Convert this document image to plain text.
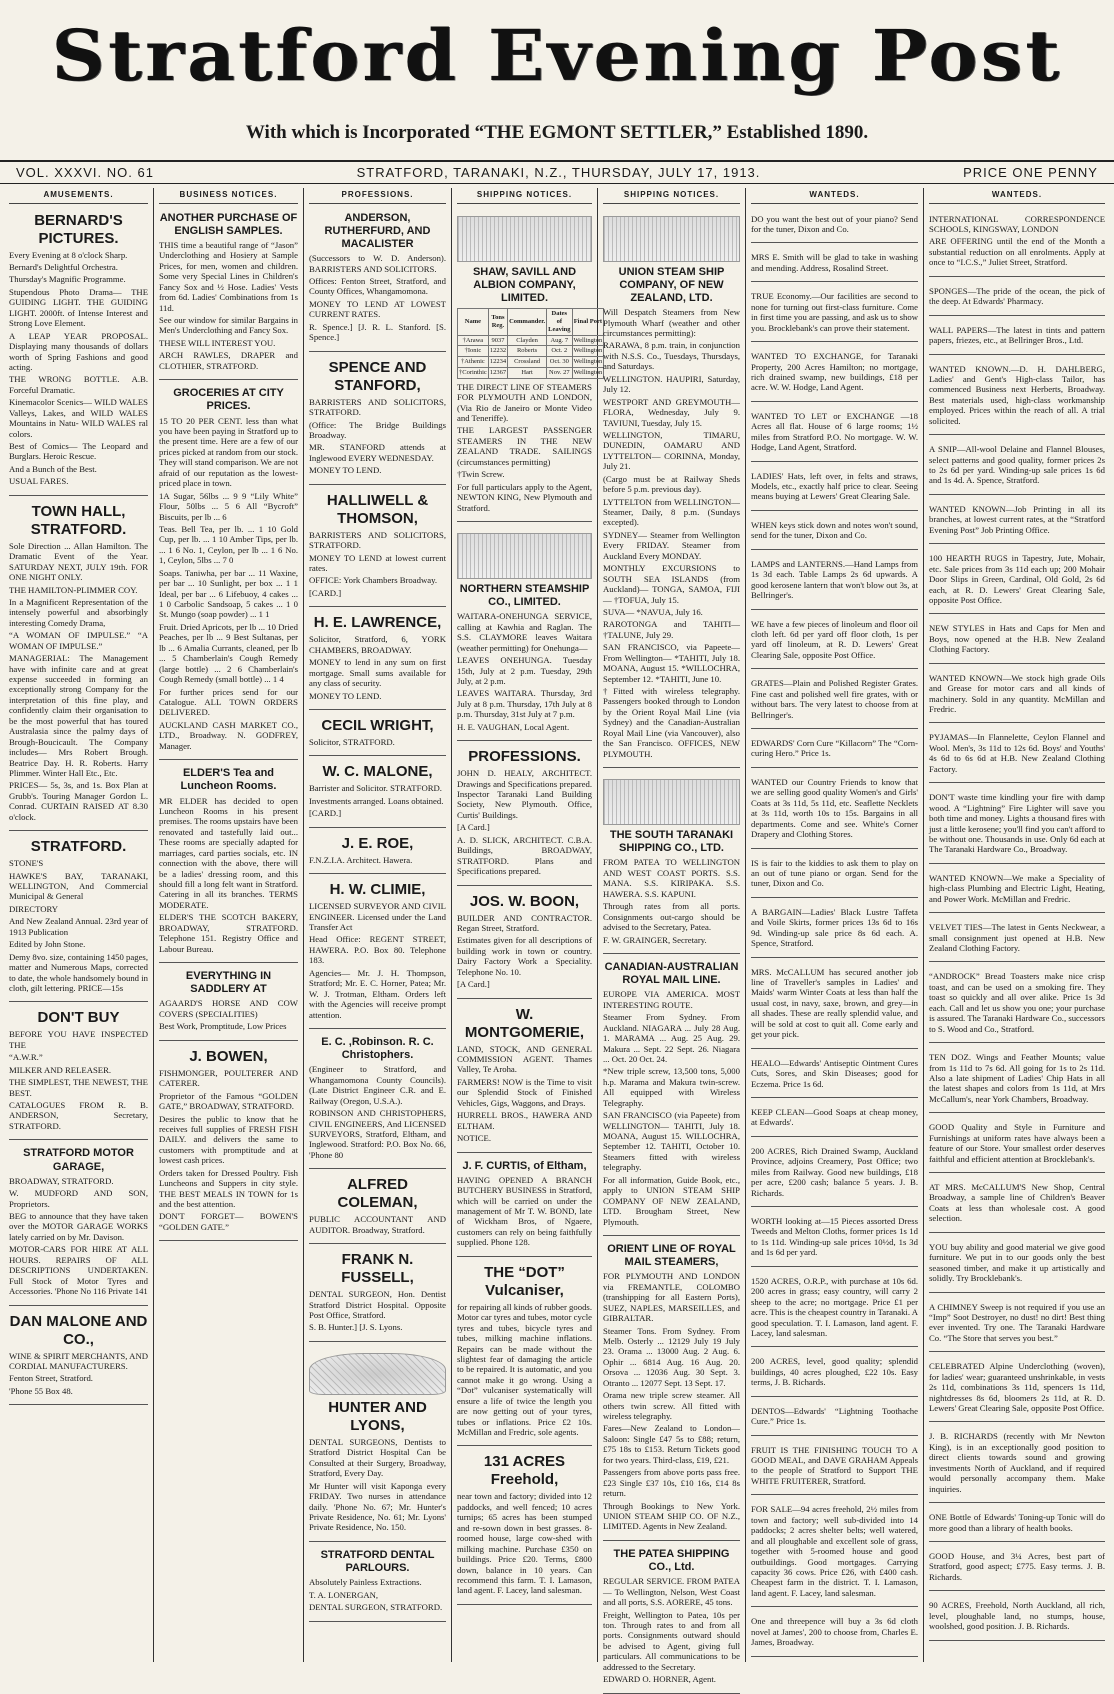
Stratford Evening Post
With which is Incorporated “THE EGMONT SETTLER,” Established 1890.
VOL. XXXVI. NO. 61	STRATFORD, TARANAKI, N.Z., THURSDAY, JULY 17, 1913.	PRICE ONE PENNY
AMUSEMENTS.
BERNARD'S PICTURES.

Every Evening at 8 o'clock Sharp.

Bernard's Delightful Orchestra.

Thursday's Magnific Programme.

Stupendous Photo Drama— THE GUIDING LIGHT. THE GUIDING LIGHT. 2000ft. of Intense Interest and Strong Love Element.

A LEAP YEAR PROPOSAL. Displaying many thousands of dollars worth of Spring Fashions and good acting.

THE WRONG BOTTLE. A.B. Forceful Dramatic.

Kinemacolor Scenics— WILD WALES Valleys, Lakes, and WILD WALES Mountains in Natu- WILD WALES ral colors.

Best of Comics— The Leopard and Burglars. Heroic Rescue.

And a Bunch of the Best.

USUAL FARES.

TOWN HALL, STRATFORD.

Sole Direction ... Allan Hamilton. The Dramatic Event of the Year. SATURDAY NEXT, JULY 19th. FOR ONE NIGHT ONLY.

THE HAMILTON-PLIMMER COY.

In a Magnificent Representation of the intensely powerful and absorbingly interesting Comedy Drama,

“A WOMAN OF IMPULSE.” “A WOMAN OF IMPULSE.”

MANAGERIAL: The Management have with infinite care and at great expense succeeded in forming an exceptionally strong Company for the interpretation of this fine play, and confidently claim their organisation to be the most powerful that has toured Australasia since the palmy days of Brough-Boucicault. The Company includes— Mrs Robert Brough. Beatrice Day. H. R. Roberts. Harry Plimmer. Winter Hall Etc., Etc.

PRICES— 5s, 3s, and 1s. Box Plan at Grubb's. Touring Manager Gordon L. Conrad. CURTAIN RAISED AT 8.30 o'clock.

STRATFORD.

STONE'S

HAWKE'S BAY, TARANAKI, WELLINGTON, And Commercial Municipal & General

DIRECTORY

And New Zealand Annual. 23rd year of 1913 Publication

Edited by John Stone.

Demy 8vo. size, containing 1450 pages, matter and Numerous Maps, corrected to date, the whole handsomely bound in cloth, gilt lettering. PRICE—15s

DON'T BUY

BEFORE YOU HAVE INSPECTED THE

“A.W.R.”

MILKER AND RELEASER.

THE SIMPLEST, THE NEWEST, THE BEST.

CATALOGUES FROM R. B. ANDERSON, Secretary, STRATFORD.

STRATFORD MOTOR GARAGE,

BROADWAY, STRATFORD.

W. MUDFORD AND SON, Proprietors.

BEG to announce that they have taken over the MOTOR GARAGE WORKS lately carried on by Mr. Davison.

MOTOR-CARS FOR HIRE AT ALL HOURS. REPAIRS OF ALL DESCRIPTIONS UNDERTAKEN. Full Stock of Motor Tyres and Accessories. 'Phone No 116 Private 141

DAN MALONE AND CO.,

WINE & SPIRIT MERCHANTS, AND CORDIAL MANUFACTURERS.

Fenton Street, Stratford.

'Phone 55 Box 48.

BUSINESS NOTICES.
ANOTHER PURCHASE OF ENGLISH SAMPLES.

THIS time a beautiful range of “Jason” Underclothing and Hosiery at Sample Prices, for men, women and children. Some very Special Lines in Children's Fancy Sox and ½ Hose. Ladies' Vests from 6d. Ladies' Combinations from 1s 11d.

See our window for similar Bargains in Men's Underclothing and Fancy Sox.

THESE WILL INTEREST YOU.

ARCH RAWLES, DRAPER and CLOTHIER, STRATFORD.

GROCERIES AT CITY PRICES.

15 TO 20 PER CENT. less than what you have been paying in Stratford up to the present time. Here are a few of our prices picked at random from our stock. They will stand comparison. We are not afraid of our reputation as the lowest-priced place in town.

1A Sugar, 56lbs ... 9 9 “Lily White” Flour, 50lbs ... 5 6 All “Bycroft” Biscuits, per lb ... 6

Teas. Bell Tea, per lb. ... 1 10 Gold Cup, per lb. ... 1 10 Amber Tips, per lb. ... 1 6 No. 1, Ceylon, per lb ... 1 6 No. 1, Ceylon, 5lbs ... 7 0

Soaps. Taniwha, per bar ... 11 Waxine, per bar ... 10 Sunlight, per box ... 1 1 Ideal, per bar ... 6 Lifebuoy, 4 cakes ... 1 0 Carbolic Sandsoap, 5 cakes ... 1 0 St. Mungo (soap powder) ... 1 1

Fruit. Dried Apricots, per lb ... 10 Dried Peaches, per lb ... 9 Best Sultanas, per lb ... 6 Amalia Currants, cleaned, per lb ... 5 Chamberlain's Cough Remedy (large bottle) ... 2 6 Chamberlain's Cough Remedy (small bottle) ... 1 4

For further prices send for our Catalogue. ALL TOWN ORDERS DELIVERED.

AUCKLAND CASH MARKET CO., LTD., Broadway. N. GODFREY, Manager.

ELDER'S Tea and Luncheon Rooms.

MR ELDER has decided to open Luncheon Rooms in his present premises. The rooms upstairs have been renovated and tastefully laid out... These rooms are specially adapted for marriages, card parties socials, etc. IN connection with the above, there will be a ladies' dressing room, and this should fill a long felt want in Stratford. Catering in all its branches. TERMS MODERATE.

ELDER'S THE SCOTCH BAKERY, BROADWAY, STRATFORD. Telephone 151. Registry Office and Labour Bureau.

EVERYTHING IN SADDLERY AT

AGAARD'S HORSE AND COW COVERS (SPECIALITIES)

Best Work, Promptitude, Low Prices

J. BOWEN,

FISHMONGER, POULTERER AND CATERER.

Proprietor of the Famous “GOLDEN GATE,” BROADWAY, STRATFORD.

Desires the public to know that he receives full supplies of FRESH FISH DAILY. and delivers the same to customers with promptitude and at lowest cash prices.

Orders taken for Dressed Poultry. Fish Luncheons and Suppers in city style. THE BEST MEALS IN TOWN for 1s and the best attention.

DON'T FORGET— BOWEN'S “GOLDEN GATE.”

PROFESSIONS.
ANDERSON, RUTHERFURD, AND MACALISTER

(Successors to W. D. Anderson). BARRISTERS AND SOLICITORS.

Offices: Fenton Street, Stratford, and County Offices, Whangamomona.

MONEY TO LEND AT LOWEST CURRENT RATES.

R. Spence.] [J. R. L. Stanford. [S. Spence.]

SPENCE AND STANFORD,

BARRISTERS AND SOLICITORS, STRATFORD.

(Office: The Bridge Buildings Broadway.

MR. STANFORD attends at Inglewood EVERY WEDNESDAY.

MONEY TO LEND.

HALLIWELL & THOMSON,

BARRISTERS AND SOLICITORS, STRATFORD.

MONEY TO LEND at lowest current rates.

OFFICE: York Chambers Broadway.

[CARD.]

H. E. LAWRENCE,

Solicitor, Stratford, 6, YORK CHAMBERS, BROADWAY.

MONEY to lend in any sum on first mortgage. Small sums available for any class of security.

MONEY TO LEND.

CECIL WRIGHT,

Solicitor, STRATFORD.

W. C. MALONE,

Barrister and Solicitor. STRATFORD.

Investments arranged. Loans obtained.

[CARD.]

J. E. ROE,

F.N.Z.I.A. Architect. Hawera.

H. W. CLIMIE,

LICENSED SURVEYOR AND CIVIL ENGINEER. Licensed under the Land Transfer Act

Head Office: REGENT STREET, HAWERA. P.O. Box 80. Telephone 183.

Agencies— Mr. J. H. Thompson, Stratford; Mr. E. C. Horner, Patea; Mr. W. J. Trotman, Eltham. Orders left with the Agencies will receive prompt attention.

E. C. ,Robinson. R. C. Christophers.

(Engineer to Stratford, and Whangamomona County Councils). (Late District Engineer C.R. and E. Railway (Oregon, U.S.A.).

ROBINSON AND CHRISTOPHERS, CIVIL ENGINEERS, And LICENSED SURVEYORS, Stratford, Eltham, and Inglewood. Stratford: P.O. Box No. 66, 'Phone 80

ALFRED COLEMAN,

PUBLIC ACCOUNTANT AND AUDITOR. Broadway, Stratford.

FRANK N. FUSSELL,

DENTAL SURGEON, Hon. Dentist Stratford District Hospital. Opposite Post Office, Stratford.

S. B. Hunter.] [J. S. Lyons.

HUNTER AND LYONS,

DENTAL SURGEONS, Dentists to Stratford District Hospital Can be Consulted at their Surgery, Broadway, Stratford, Every Day.

Mr Hunter will visit Kaponga every FRIDAY. Two nurses in attendance daily. 'Phone No. 67; Mr. Hunter's Private Residence, No. 61; Mr. Lyons' Private Residence, No. 150.

STRATFORD DENTAL PARLOURS.

Absolutely Painless Extractions.

T. A. LONERGAN,

DENTAL SURGEON, STRATFORD.

SHIPPING NOTICES.
SHAW, SAVILL AND ALBION COMPANY, LIMITED.
Name	Tons Reg.	Commander.	Dates of Leaving	Final Port
†Arawa	9037	Clayden	Aug. 7	Wellington
†Ionic	12232	Roberts	Oct. 2	Wellington
†Athenic	12234	Crossland	Oct. 30	Wellington
†Corinthic	12367	Hart	Nov. 27	Wellington

THE DIRECT LINE OF STEAMERS FOR PLYMOUTH AND LONDON, (Via Rio de Janeiro or Monte Video and Teneriffe).

THE LARGEST PASSENGER STEAMERS IN THE NEW ZEALAND TRADE. SAILINGS (circumstances permitting)

†Twin Screw.

For full particulars apply to the Agent, NEWTON KING, New Plymouth and Stratford.

NORTHERN STEAMSHIP CO., LIMITED.

WAITARA-ONEHUNGA SERVICE, calling at Kawhia and Raglan. The S.S. CLAYMORE leaves Waitara (weather permitting) for Onehunga—

LEAVES ONEHUNGA. Tuesday 15th, July at 2 p.m. Tuesday, 29th July, at 2 p.m.

LEAVES WAITARA. Thursday, 3rd July at 8 p.m. Thursday, 17th July at 8 p.m. Thursday, 31st July at 7 p.m.

H. E. VAUGHAN, Local Agent.

PROFESSIONS.

JOHN D. HEALY, ARCHITECT. Drawings and Specifications prepared. Inspector Taranaki Land Building Society, New Plymouth. Office, Curtis' Buildings.

[A Card.]

A. D. SLICK, ARCHITECT. C.B.A. Buildings, BROADWAY, STRATFORD. Plans and Specifications prepared.

JOS. W. BOON,

BUILDER AND CONTRACTOR. Regan Street, Stratford.

Estimates given for all descriptions of building work in town or country. Dairy Factory Work a Speciality. Telephone No. 10.

[A Card.]

W. MONTGOMERIE,

LAND, STOCK, AND GENERAL COMMISSION AGENT. Thames Valley, Te Aroha.

FARMERS! NOW is the Time to visit our Splendid Stock of Finished Vehicles, Gigs, Waggons, and Drays.

HURRELL BROS., HAWERA AND ELTHAM.

NOTICE.

J. F. CURTIS, of Eltham,

HAVING OPENED A BRANCH BUTCHERY BUSINESS in Stratford, which will be carried on under the management of Mr T. W. BOND, late of Wickham Bros, of Ngaere, customers can rely on being faithfully supplied. Phone 128.

THE “DOT” Vulcaniser,

for repairing all kinds of rubber goods. Motor car tyres and tubes, motor cycle tyres and tubes, bicycle tyres and tubes, milking machine inflations. Repairs can be made without the slightest fear of damaging the article to be repaired. It is automatic, and you cannot make it go wrong. Using a “Dot” vulcaniser systematically will ensure a life of twice the length you are now getting out of your tyres, tubes or inflations. Price £2 10s. McMillan and Fredric, sole agents.

131 ACRES Freehold,

near town and factory; divided into 12 paddocks, and well fenced; 10 acres turnips; 65 acres has been stumped and re-sown down in best grasses. 8-roomed house, large cow-shed with milking machine. Purchase £350 on buildings. Price £20. Terms, £800 down, balance in 10 years. Can recommend this farm. T. I. Lamason, land agent. F. Lacey, land salesman.

SHIPPING NOTICES.
UNION STEAM SHIP COMPANY, OF NEW ZEALAND, LTD.

Will Despatch Steamers from New Plymouth Wharf (weather and other circumstances permitting):

RARAWA, 8 p.m. train, in conjunction with N.S.S. Co., Tuesdays, Thursdays, and Saturdays.

WELLINGTON. HAUPIRI, Saturday, July 12.

WESTPORT AND GREYMOUTH— FLORA, Wednesday, July 9. TAVIUNI, Tuesday, July 15.

WELLINGTON, TIMARU, DUNEDIN, OAMARU AND LYTTELTON— CORINNA, Monday, July 21.

(Cargo must be at Railway Sheds before 5 p.m. previous day).

LYTTELTON from WELLINGTON— Steamer, Daily, 8 p.m. (Sundays excepted).

SYDNEY— Steamer from Wellington Every FRIDAY. Steamer from Auckland Every MONDAY.

MONTHLY EXCURSIONS to SOUTH SEA ISLANDS (from Auckland)— TONGA, SAMOA, FIJI— †TOFUA, July 15.

SUVA— *NAVUA, July 16.

RAROTONGA and TAHITI— †TALUNE, July 29.

SAN FRANCISCO, via Papeete— From Wellington— *TAHITI, July 18. MOANA, August 15. *WILLOCHRA, September 12. *TAHITI, June 10.

†Fitted with wireless telegraphy. Passengers booked through to London by the Orient Royal Mail Line (via Sydney) and the Canadian-Australian Royal Mail Line (via Vancouver), also the San Francisco. OFFICES, NEW PLYMOUTH.

THE SOUTH TARANAKI SHIPPING CO., LTD.

FROM PATEA TO WELLINGTON AND WEST COAST PORTS. S.S. MANA. S.S. KIRIPAKA. S.S. HAWERA. S.S. KAPUNI.

Through rates from all ports. Consignments out-cargo should be advised to the Secretary, Patea.

F. W. GRAINGER, Secretary.

CANADIAN-AUSTRALIAN ROYAL MAIL LINE.

EUROPE VIA AMERICA. MOST INTERESTING ROUTE.

Steamer From Sydney. From Auckland. NIAGARA ... July 28 Aug. 1. MARAMA ... Aug. 25 Aug. 29. Makura ... Sept. 22 Sept. 26. Niagara ... Oct. 20 Oct. 24.

*New triple screw, 13,500 tons, 5,000 h.p. Marama and Makura twin-screw. All equipped with Wireless Telegraphy.

SAN FRANCISCO (via Papeete) from WELLINGTON— TAHITI, July 18. MOANA, August 15. WILLOCHRA, September 12. TAHITI, October 10. Steamers fitted with wireless telegraphy.

For all information, Guide Book, etc., apply to UNION STEAM SHIP COMPANY OF NEW ZEALAND, LTD. Brougham Street, New Plymouth.

ORIENT LINE OF ROYAL MAIL STEAMERS,

FOR PLYMOUTH AND LONDON via FREMANTLE, COLOMBO (transhipping for all Eastern Ports), SUEZ, NAPLES, MARSEILLES, and GIBRALTAR.

Steamer Tons. From Sydney. From Melb. Osterly ... 12129 July 19 July 23. Orama ... 13000 Aug. 2 Aug. 6. Ophir ... 6814 Aug. 16 Aug. 20. Orsova ... 12036 Aug. 30 Sept. 3. Otranto ... 12077 Sept. 13 Sept. 17.

Orama new triple screw steamer. All others twin screw. All fitted with wireless telegraphy.

Fares—New Zealand to London— Saloon: Single £47 5s to £88; return, £75 18s to £153. Return Tickets good for two years. Third-class, £19, £21.

Passengers from above ports pass free. £23 Single £37 10s, £10 16s, £14 8s return.

Through Bookings to New York. UNION STEAM SHIP CO. OF N.Z., LIMITED. Agents in New Zealand.

THE PATEA SHIPPING CO., Ltd.

REGULAR SERVICE. FROM PATEA— To Wellington, Nelson, West Coast and all ports, S.S. AORERE, 45 tons.

Freight, Wellington to Patea, 10s per ton. Through rates to and from all ports. Consignments outward should be advised to Agent, giving full particulars. All communications to be addressed to the Secretary.

EDWARD O. HORNER, Agent.

WANTEDS.

DO you want the best out of your piano? Send for the tuner, Dixon and Co.

MRS E. Smith will be glad to take in washing and mending. Address, Rosalind Street.

TRUE Economy.—Our facilities are second to none for turning out first-class furniture. Come in first time you are passing, and ask us to show you. Brocklebank's can prove their statement.

WANTED TO EXCHANGE, for Taranaki Property, 200 Acres Hamilton; no mortgage, rich drained swamp, new buildings, £18 per acre. W. W. Hodge, Land Agent.

WANTED TO LET or EXCHANGE —18 Acres all flat. House of 6 large rooms; 1½ miles from Stratford P.O. No mortgage. W. W. Hodge, Land Agent, Stratford.

LADIES' Hats, left over, in felts and straws, Models, etc., exactly half price to clear. Seeing means buying at Lewers' Great Clearing Sale.

WHEN keys stick down and notes won't sound, send for the tuner, Dixon and Co.

LAMPS and LANTERNS.—Hand Lamps from 1s 3d each. Table Lamps 2s 6d upwards. A good kerosene lantern that won't blow out 3s, at Bellringer's.

WE have a few pieces of linoleum and floor oil cloth left. 6d per yard off floor cloth, 1s per yard off linoleum, at R. D. Lewers' Great Clearing Sale, opposite Post Office.

GRATES—Plain and Polished Register Grates. Fine cast and polished well fire grates, with or without bars. The very latest to choose from at Bellringer's.

EDWARDS' Corn Cure “Killacorn” The “Corn-curing Hero.” Price 1s.

WANTED our Country Friends to know that we are selling good quality Women's and Girls' Coats at 3s 11d, 5s 11d, etc. Seaflette Necklets at 3s 11d, worth 10s to 15s. Bargains in all departments. Come and see. White's Corner Drapery and Clothing Stores.

IS is fair to the kiddies to ask them to play on an out of tune piano or organ. Send for the tuner, Dixon and Co.

A BARGAIN—Ladies' Black Lustre Taffeta and Voile Skirts, former prices 13s 6d to 16s 9d. Winding-up sale price 8s 6d each. A. Spence, Stratford.

MRS. McCALLUM has secured another job line of Traveller's samples in Ladies' and Maids' warm Winter Coats at less than half the usual cost, in navy, saxe, brown, and grey—in all shades. These are really splendid value, and will be sold at cost to quit all. Come early and get your pick.

HEALO—Edwards' Antiseptic Ointment Cures Cuts, Sores, and Skin Diseases; good for Eczema. Price 1s 6d.

KEEP CLEAN—Good Soaps at cheap money, at Edwards'.

200 ACRES, Rich Drained Swamp, Auckland Province, adjoins Creamery, Post Office; two miles from Railway. Good new buildings, £18 per acre, £200 cash; balance 5 years. J. B. Richards.

WORTH looking at—15 Pieces assorted Dress Tweeds and Melton Cloths, former prices 1s 1d to 1s 11d. Winding-up sale prices 10½d, 1s 3d and 1s 6d per yard.

1520 ACRES, O.R.P., with purchase at 10s 6d. 200 acres in grass; easy country, will carry 2 sheep to the acre; no mortgage. Price £1 per acre. This is the cheapest country in Taranaki. A good speculation. T. I. Lamason, land agent. F. Lacey, land salesman.

200 ACRES, level, good quality; splendid buildings, 40 acres ploughed, £22 10s. Easy terms, J. B. Richards.

DENTOS—Edwards' “Lightning Toothache Cure.” Price 1s.

FRUIT IS THE FINISHING TOUCH TO A GOOD MEAL, and DAVE GRAHAM Appeals to the people of Stratford to Support THE WHITE FRUITERER, Stratford.

FOR SALE—94 acres freehold, 2½ miles from town and factory; well sub-divided into 14 paddocks; 2 acres shelter belts; well watered, and all ploughable and excellent sole of grass, together with 5-roomed house and good outbuildings. Good mortgages. Carrying capacity 36 cows. Price £26, with £400 cash. Cheapest farm in the district. T. I. Lamason, land agent. F. Lacey, land salesman.

One and threepence will buy a 3s 6d cloth novel at James', 200 to choose from, Charles E. James, Broadway.

WANTEDS.

INTERNATIONAL CORRESPONDENCE SCHOOLS, KINGSWAY, LONDON

ARE OFFERING until the end of the Month a substantial reduction on all enrolments. Apply at once to “I.C.S.,” Juliet Street, Stratford.

SPONGES—The pride of the ocean, the pick of the deep. At Edwards' Pharmacy.

WALL PAPERS—The latest in tints and pattern papers, friezes, etc., at Bellringer Bros., Ltd.

WANTED KNOWN.—D. H. DAHLBERG, Ladies' and Gent's High-class Tailor, has commenced Business next Herberts, Broadway. Best materials used, high-class workmanship employed. Prices within the reach of all. A trial solicited.

A SNIP—All-wool Delaine and Flannel Blouses, select patterns and good quality, former prices 2s to 2s 6d per yard. Winding-up sale prices 1s 6d and 1s 4d. A. Spence, Stratford.

WANTED KNOWN—Job Printing in all its branches, at lowest current rates, at the “Stratford Evening Post” Job Printing Office.

100 HEARTH RUGS in Tapestry, Jute, Mohair, etc. Sale prices from 3s 11d each up; 200 Mohair Door Slips in Green, Cardinal, Old Gold, 2s 6d each, at R. D. Lewers' Great Clearing Sale, opposite Post Office.

NEW STYLES in Hats and Caps for Men and Boys, now opened at the H.B. New Zealand Clothing Factory.

WANTED KNOWN—We stock high grade Oils and Grease for motor cars and all kinds of machinery. Sold in any quantity. McMillan and Fredric.

PYJAMAS—In Flannelette, Ceylon Flannel and Wool. Men's, 3s 11d to 12s 6d. Boys' and Youths' 4s 6d to 6s 6d at H.B. New Zealand Clothing Factory.

DON'T waste time kindling your fire with damp wood. A “Lightning” Fire Lighter will save you both time and money. Lights a thousand fires with just a little kerosene; you'll find you can't afford to be without one. Thousands in use. Only 6d each at The Taranaki Hardware Co., Broadway.

WANTED KNOWN—We make a Speciality of high-class Plumbing and Electric Light, Heating, and Power Work. McMillan and Fredric.

VELVET TIES—The latest in Gents Neckwear, a small consignment just opened at H.B. New Zealand Clothing Factory.

“ANDROCK” Bread Toasters make nice crisp toast, and can be used on a smoking fire. They toast so quickly and all over alike. Price 1s 3d each. Call and let us show you one; your purchase is assured. The Taranaki Hardware Co., successors to S. Wood and Co., Stratford.

TEN DOZ. Wings and Feather Mounts; value from 1s 11d to 7s 6d. All going for 1s to 2s 11d. Also a late shipment of Ladies' Chip Hats in all the latest shapes and colors from 1s 11d, at Mrs McCallum's, near York Chambers, Broadway.

GOOD Quality and Style in Furniture and Furnishings at uniform rates have always been a feature of our Store. Your smallest order deserves faithful and efficient attention at Brocklebank's.

AT MRS. McCALLUM'S New Shop, Central Broadway, a sample line of Children's Beaver Coats at less than wholesale cost. A good selection.

YOU buy ability and good material we give good furniture. We put in to our goods only the best seasoned timber, and make it up artistically and solidly. Try Brocklebank's.

A CHIMNEY Sweep is not required if you use an “Imp” Soot Destroyer, no dust! no dirt! Best thing ever invented. Try one. The Taranaki Hardware Co. “The Store that serves you best.”

CELEBRATED Alpine Underclothing (woven), for ladies' wear; guaranteed unshrinkable, in vests 2s 11d, combinations 3s 11d, spencers 1s 11d, nightdresses 8s 6d, bloomers 2s 11d, at R. D. Lewers' Great Clearing Sale, opposite Post Office.

J. B. RICHARDS (recently with Mr Newton King), is in an exceptionally good position to direct clients towards sound and growing investments North of Auckland, and if required would personally accompany them. Make inquiries.

ONE Bottle of Edwards' Toning-up Tonic will do more good than a library of health books.

GOOD House, and 3¼ Acres, best part of Stratford, good aspect; £775. Easy terms. J. B. Richards.

90 ACRES, Freehold, North Auckland, all rich, level, ploughable land, no stumps, house, woolshed, good position. J. B. Richards.
